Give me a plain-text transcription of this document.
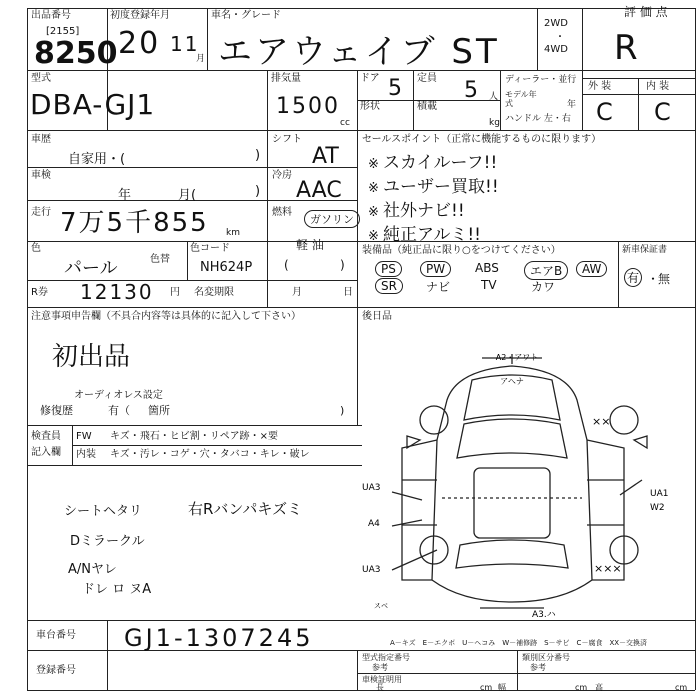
出品番号
[2155]
8250
初度登録年月
20 11
月
車名・グレード
エアウェイブ ST
2WD
・
4WD
評 価 点
R
型式
DBA-GJ1
排気量
1500
cc
ドア 5 定員 5 人
形状	積載
kg
ディーラー・並行
モデル年式	年
ハンドル 左・右
外 装	内 装
C C
車歴
自家用・(	)
車検
年	月(	)
走行 7万5千855 km
色
パール	色替
色コード
NH624P
シフト
AT
冷房
AAC
燃料
ガソリン
軽 油
(	)
R券 12130 円 名変期限	月	日
セールスポイント（正常に機能するものに限ります）
※ スカイルーフ!!
※ ユーザー買取!!
※ 社外ナビ!!
※ 純正アルミ!!
装備品（純正品に限り○をつけてください）
PS	PW	ABS	エアB	AW
SR	ナビ	TV	カワ
新車保証書
有 ・
無
注意事項申告欄（不具合内容等は具体的に記入して下さい）
初出品
オーディオレス設定
修復歴	有（ 箇所	)
後日品
検査員
記入欄
FW キズ・飛石・ヒビ割・リペア跡・×要
内装 キズ・汚レ・コゲ・穴・タバコ・キレ・破レ
シートヘタリ	右Rバンパキズミ
Dミラークル
A/Nヤレ
ドレ ロ ヌA
A2・アワト
アヘナ
××
UA3
A4
UA1
W2
UA3	×××
スベ
A3.ハ
車台番号 GJ1-1307245	A－キズ　E－エクボ　U－ヘコみ　W－補修跡　S－サビ　C－腐食　XX－交換済
登録番号
型式指定番号
参考
類別区分番号
参考
車検証明用
長	cm 幅	cm 高	cm
